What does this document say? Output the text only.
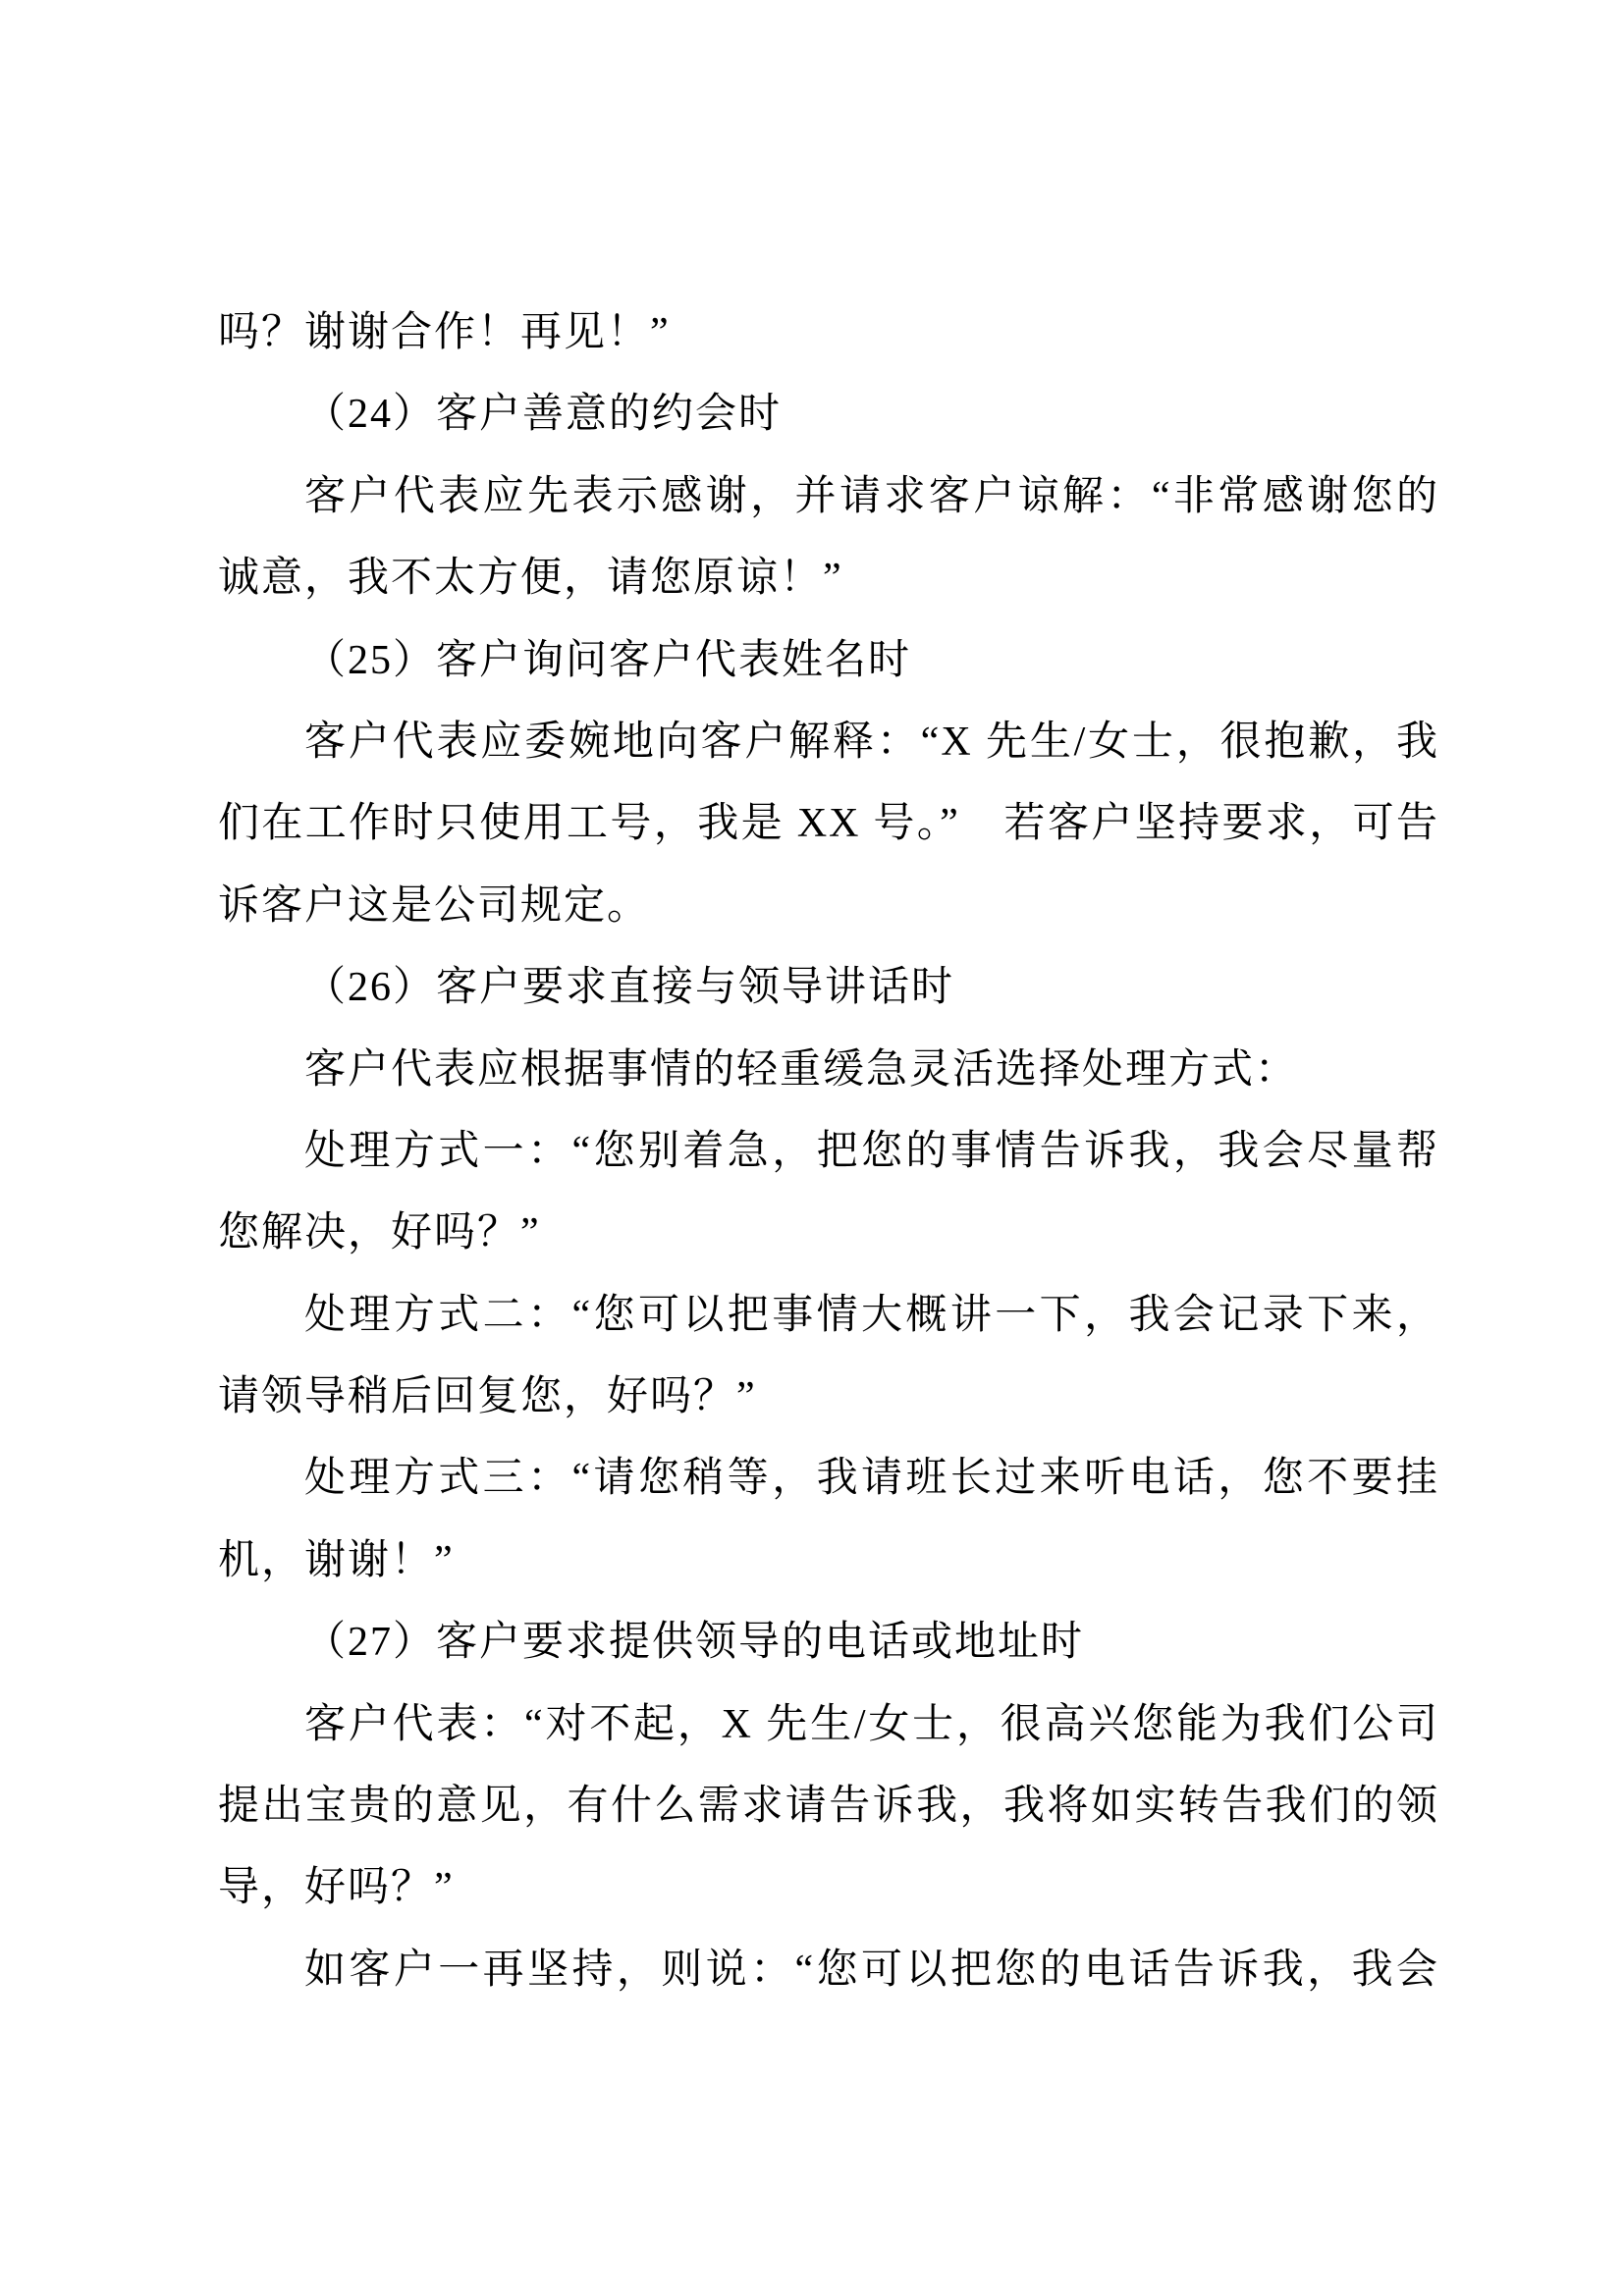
吗？谢谢合作！再见！”
（24）客户善意的约会时
客户代表应先表示感谢，并请求客户谅解：“非常感谢您的
诚意，我不太方便，请您原谅！”
（25）客户询问客户代表姓名时
客户代表应委婉地向客户解释：“X 先生/女士，很抱歉，我
们在工作时只使用工号，我是 XX 号。”　若客户坚持要求，可告
诉客户这是公司规定。
（26）客户要求直接与领导讲话时
客户代表应根据事情的轻重缓急灵活选择处理方式：
处理方式一：“您别着急，把您的事情告诉我，我会尽量帮
您解决，好吗？”
处理方式二：“您可以把事情大概讲一下，我会记录下来，
请领导稍后回复您，好吗？”
处理方式三：“请您稍等，我请班长过来听电话，您不要挂
机，谢谢！”
（27）客户要求提供领导的电话或地址时
客户代表：“对不起，X 先生/女士，很高兴您能为我们公司
提出宝贵的意见，有什么需求请告诉我，我将如实转告我们的领
导，好吗？”
如客户一再坚持，则说：“您可以把您的电话告诉我，我会
